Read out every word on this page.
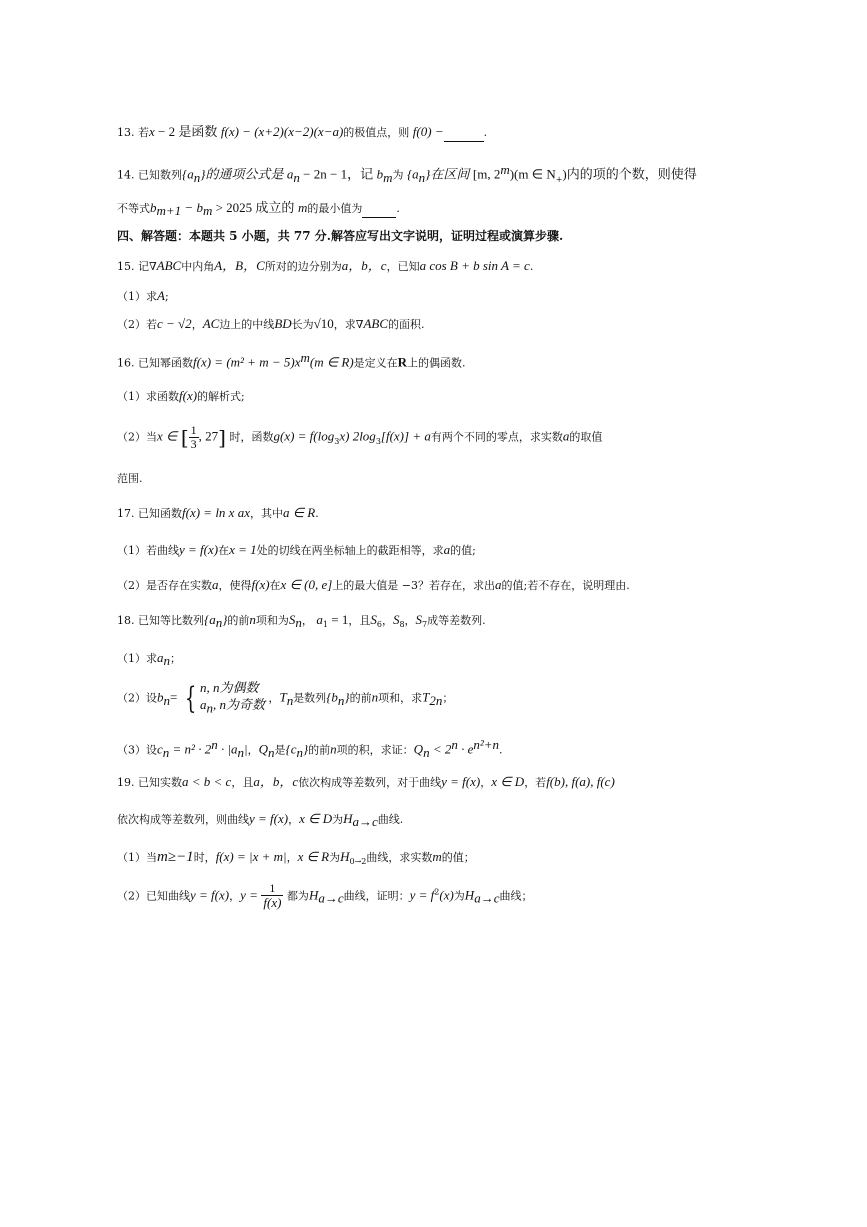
13. 若x − 2 是函数 f(x) − (x+2)(x−2)(x−a)的极值点，则 f(0) −	.
14. 已知数列$\{a_n\}$的通项公式是 $a_n - 2n - 1$，记 $b_m$为 $\{a_n\}$在区间 [m, 2$^m$)(m ∈ $N_+$)内的项的个数，则使得
不等式$b_{m+1} - b_m > 2025$ 成立的 m的最小值为	.
四、解答题：本题共 5 小题，共 77 分.解答应写出文字说明，证明过程或演算步骤.
15. 记∇ABC中内角A，B，C所对的边分别为a，b，c，已知a cos B + b sin A = c.
（1）求A;
（2）若c − √2，AC边上的中线BD长为√10，求∇ABC的面积.
16. 已知幂函数$f(x) = (m^2 + m - 5)x^m(m$ ∈ R)是定义在R上的偶函数.
（1）求函数f(x)的解析式;
（2）当x ∈ [ $\frac{1}{3}$ , 27] 时，函数$g(x) = f(\log_3x) 2\log_3[f(x)] + a$有两个不同的零点，求实数a的取值
范围.
17. 已知函数f(x) = ln x ax，其中a ∈ R.
（1）若曲线y = f(x)在x = 1处的切线在两坐标轴上的截距相等，求a的值;
（2）是否存在实数a，使得f(x)在x ∈ (0, e]上的最大值是 −3？若存在，求出a的值;若不存在，说明理由.
18. 已知等比数列$\{a_n\}$的前n项和为$S_n$， $a_1 = 1$，且$S_6$，$S_8$，$S_7$成等差数列.
（1）求$a_n$；
（2）设$b_n=$ { n, n为偶数
$a_n$, n为奇数 ，$T_n$是数列$\{b_n\}$的前n项和，求$T_{2n}$；
（3）设$c_n = n^2 \cdot 2^n \cdot |a_n|$，$Q_n$是$\{c_n\}$的前n项的积，求证：$Q_n < 2^n \cdot e^{n^2+n}$.
19. 已知实数a < b < c，且a，b，c依次构成等差数列，对于曲线y = f(x)，x ∈ D，若f(b), f(a), f(c)
依次构成等差数列，则曲线y = f(x)，x ∈ D为$H_{a\to c}$曲线.
（1）当m≥−1时，f(x) = |x + m|，x ∈ R为$H_{0\to 2}$曲线，求实数m的值；
（2）已知曲线y = f(x)，$y = \frac{1}{f(x)}$ 都为$H_{a\to c}$曲线，证明：$y = f^2(x)$为$H_{a\to c}$曲线；
